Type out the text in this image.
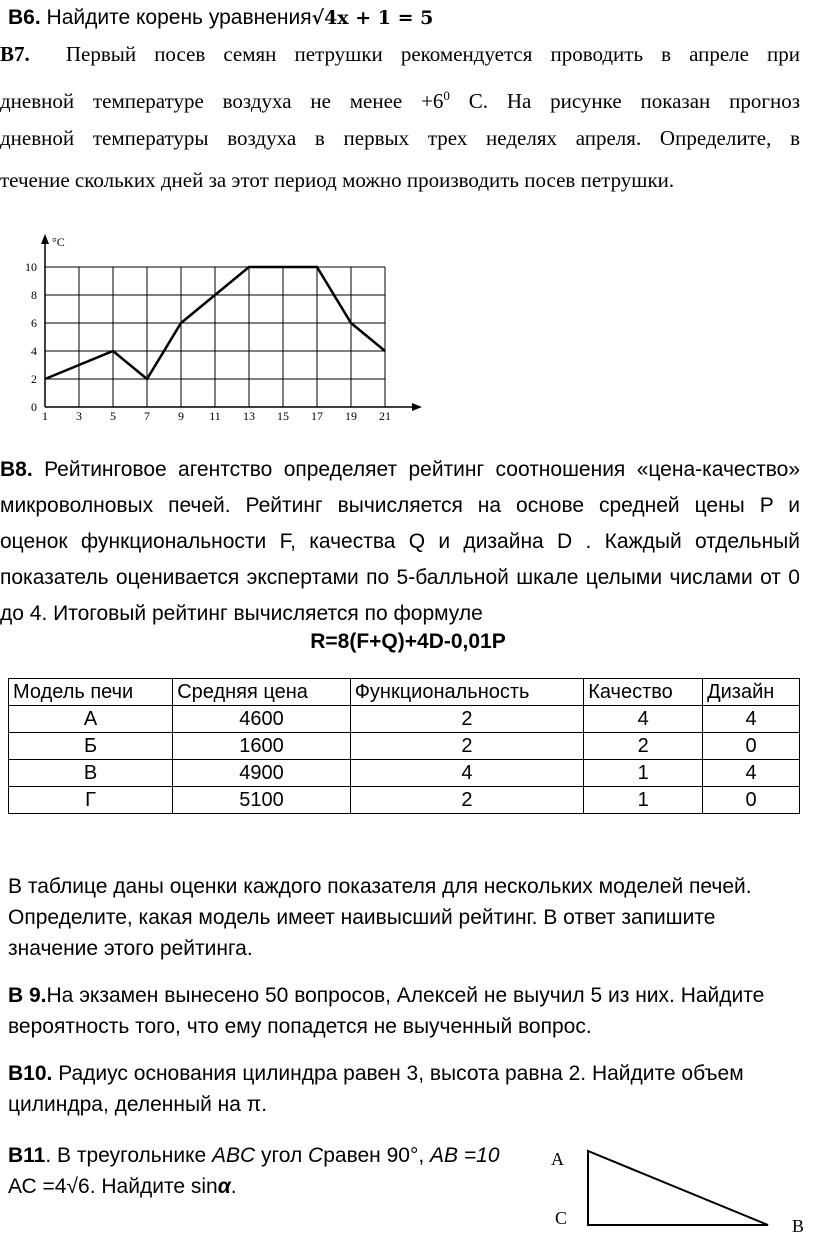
B6. Найдите корень уравнения√4x + 1 = 5
B7. Первый посев семян петрушки рекомендуется проводить в апреле при
дневной температуре воздуха не менее $+6^0$ C. На рисунке показан прогноз
дневной температуры воздуха в первых трех неделях апреля. Определите, в
течение скольких дней за этот период можно производить посев петрушки.
1 3 5 7 9 11 13 15 17 19 21
0
2
4
6
8
10
°C
B8. Рейтинговое агентство определяет рейтинг соотношения «цена-качество»
микроволновых печей. Рейтинг вычисляется на основе средней цены P и
оценок функциональности F, качества Q и дизайна D . Каждый отдельный
показатель оценивается экспертами по 5-балльной шкале целыми числами от 0
до 4. Итоговый рейтинг вычисляется по формуле
R=8(F+Q)+4D-0,01P
Модель печи	Средняя цена	Функциональность	Качество	Дизайн
А	4600	2	4	4
Б	1600	2	2	0
В	4900	4	1	4
Г	5100	2	1	0
В таблице даны оценки каждого показателя для нескольких моделей печей.
Определите, какая модель имеет наивысший рейтинг. В ответ запишите
значение этого рейтинга.
В 9.На экзамен вынесено 50 вопросов, Алексей не выучил 5 из них. Найдите
вероятность того, что ему попадется не выученный вопрос.
В10. Радиус основания цилиндра равен 3, высота равна 2. Найдите объем
цилиндра, деленный на π.
В11. В треугольнике ABC угол Cравен 90°, AB =10
АС =4√6. Найдите sinα.
A
C	B
